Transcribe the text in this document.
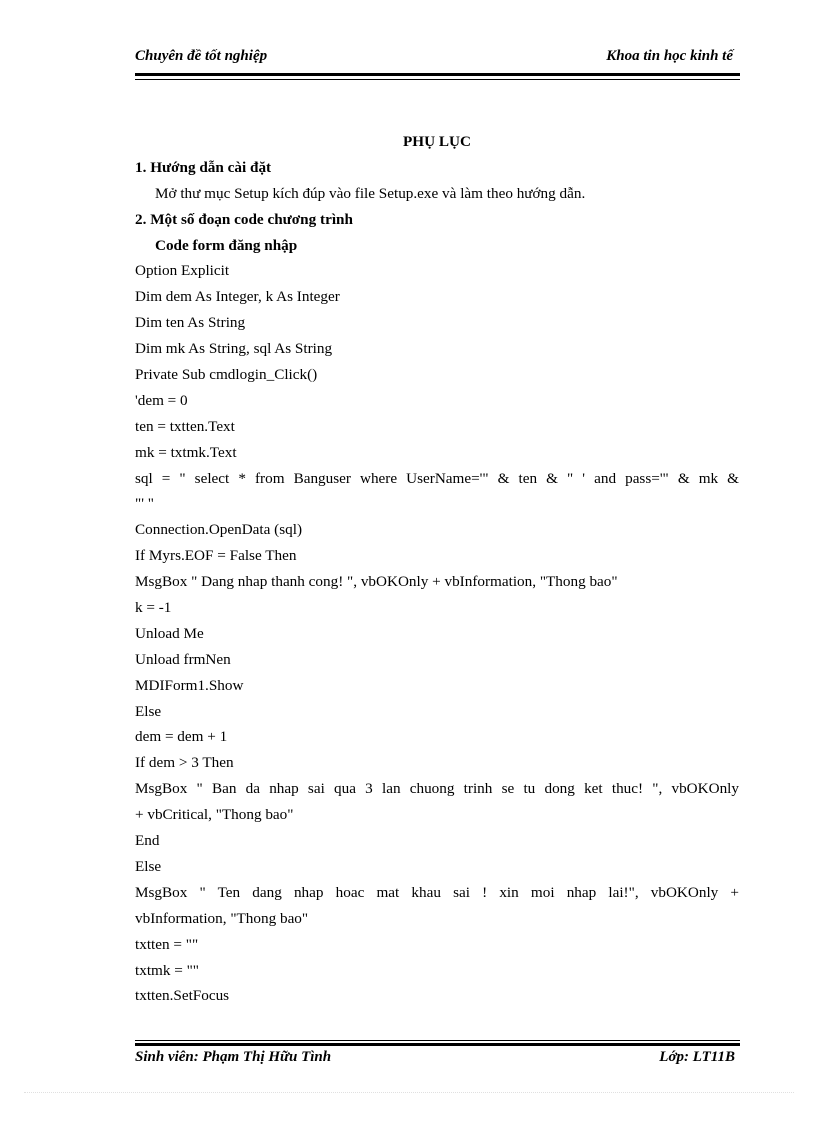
Chuyên đề tốt nghiệp	Khoa tin học kinh tế
PHỤ LỤC
1. Hướng dẫn cài đặt
Mở thư mục Setup kích đúp vào file Setup.exe và làm theo hướng dẫn.
2. Một số đoạn code chương trình
Code form đăng nhập
Option Explicit
Dim dem As Integer, k As Integer
Dim ten As String
Dim mk As String, sql As String
Private Sub cmdlogin_Click()
'dem = 0
ten = txtten.Text
mk = txtmk.Text
sql = " select * from Banguser where UserName='" & ten & " ' and pass='" & mk &
"' "
Connection.OpenData (sql)
If Myrs.EOF = False Then
MsgBox " Dang nhap thanh cong! ", vbOKOnly + vbInformation, "Thong bao"
k = -1
Unload Me
Unload frmNen
MDIForm1.Show
Else
dem = dem + 1
If dem > 3 Then
MsgBox " Ban da nhap sai qua 3 lan chuong trinh se tu dong ket thuc! ", vbOKOnly
+ vbCritical, "Thong bao"
End
Else
MsgBox " Ten dang nhap hoac mat khau sai ! xin moi nhap lai!", vbOKOnly +
vbInformation, "Thong bao"
txtten = ""
txtmk = ""
txtten.SetFocus
Sinh viên: Phạm Thị Hữu Tình	Lớp: LT11B
